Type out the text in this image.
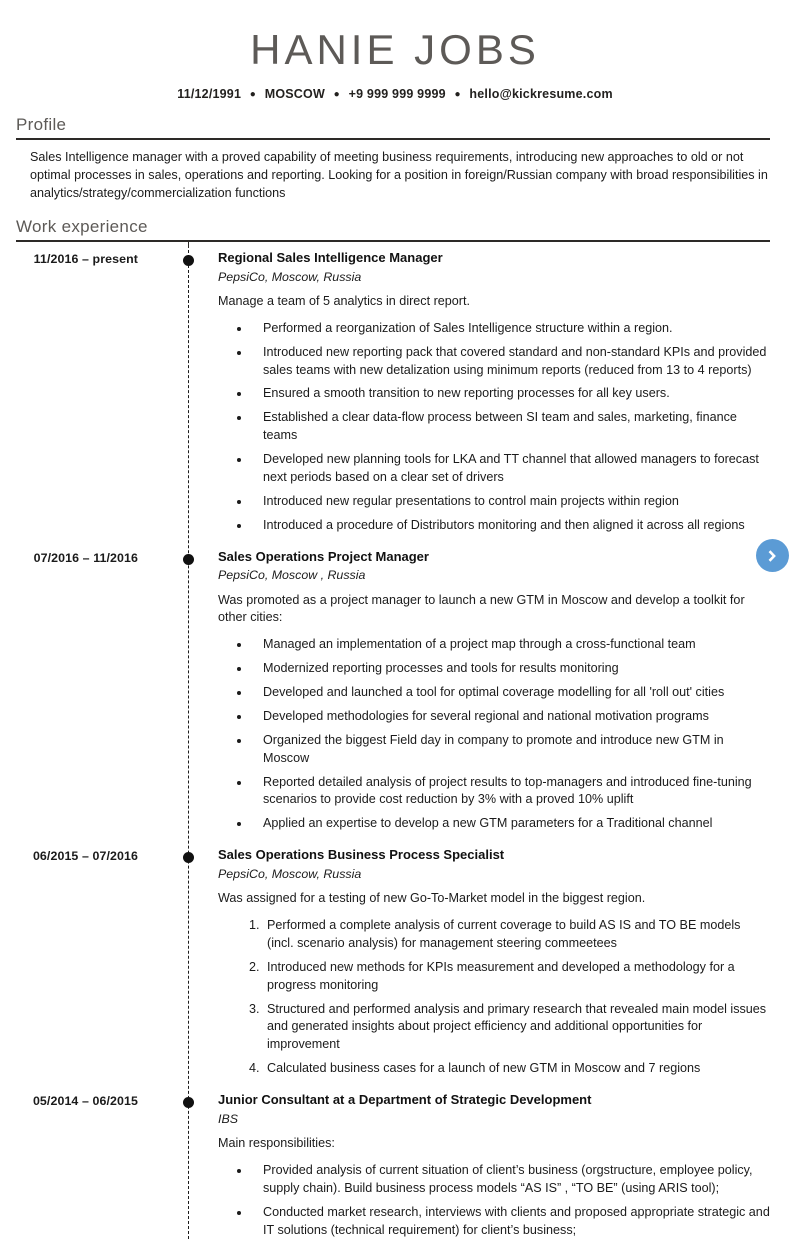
HANIE JOBS
11/12/1991 ● MOSCOW ● +9 999 999 9999 ● hello@kickresume.com
Profile

Sales Intelligence manager with a proved capability of meeting business requirements, introducing new approaches to old or not optimal processes in sales, operations and reporting. Looking for a position in foreign/Russian company with broad responsibilities in analytics/strategy/commercialization functions

Work experience
11/2016 – present	Regional Sales Intelligence Manager
PepsiCo, Moscow, Russia

Manage a team of 5 analytics in direct report.

Performed a reorganization of Sales Intelligence structure within a region.
Introduced new reporting pack that covered standard and non-standard KPIs and provided sales teams with new detalization using minimum reports (reduced from 13 to 4 reports)
Ensured a smooth transition to new reporting processes for all key users.
Established a clear data-flow process between SI team and sales, marketing, finance teams
Developed new planning tools for LKA and TT channel that allowed managers to forecast next periods based on a clear set of drivers
Introduced new regular presentations to control main projects within region
Introduced a procedure of Distributors monitoring and then aligned it across all regions
07/2016 – 11/2016	Sales Operations Project Manager
PepsiCo, Moscow , Russia

Was promoted as a project manager to launch a new GTM in Moscow and develop a toolkit for other cities:

Managed an implementation of a project map through a cross-functional team
Modernized reporting processes and tools for results monitoring
Developed and launched a tool for optimal coverage modelling for all 'roll out' cities
Developed methodologies for several regional and national motivation programs
Organized the biggest Field day in company to promote and introduce new GTM in Moscow
Reported detailed analysis of project results to top-managers and introduced fine-tuning scenarios to provide cost reduction by 3% with a proved 10% uplift
Applied an expertise to develop a new GTM parameters for a Traditional channel
06/2015 – 07/2016	Sales Operations Business Process Specialist
PepsiCo, Moscow, Russia

Was assigned for a testing of new Go-To-Market model in the biggest region.

1. Performed a complete analysis of current coverage to build AS IS and TO BE models (incl. scenario analysis) for management steering commeetees
2. Introduced new methods for KPIs measurement and developed a methodology for a progress monitoring
3. Structured and performed analysis and primary research that revealed main model issues and generated insights about project efficiency and additional opportunities for improvement
4. Calculated business cases for a launch of new GTM in Moscow and 7 regions
05/2014 – 06/2015	Junior Consultant at a Department of Strategic Development
IBS

Main responsibilities:

Provided analysis of current situation of client’s business (orgstructure, employee policy, supply chain). Build business process models “AS IS” , “TO BE” (using ARIS tool);
Conducted market research, interviews with clients and proposed appropriate strategic and IT solutions (technical requirement) for client’s business;
